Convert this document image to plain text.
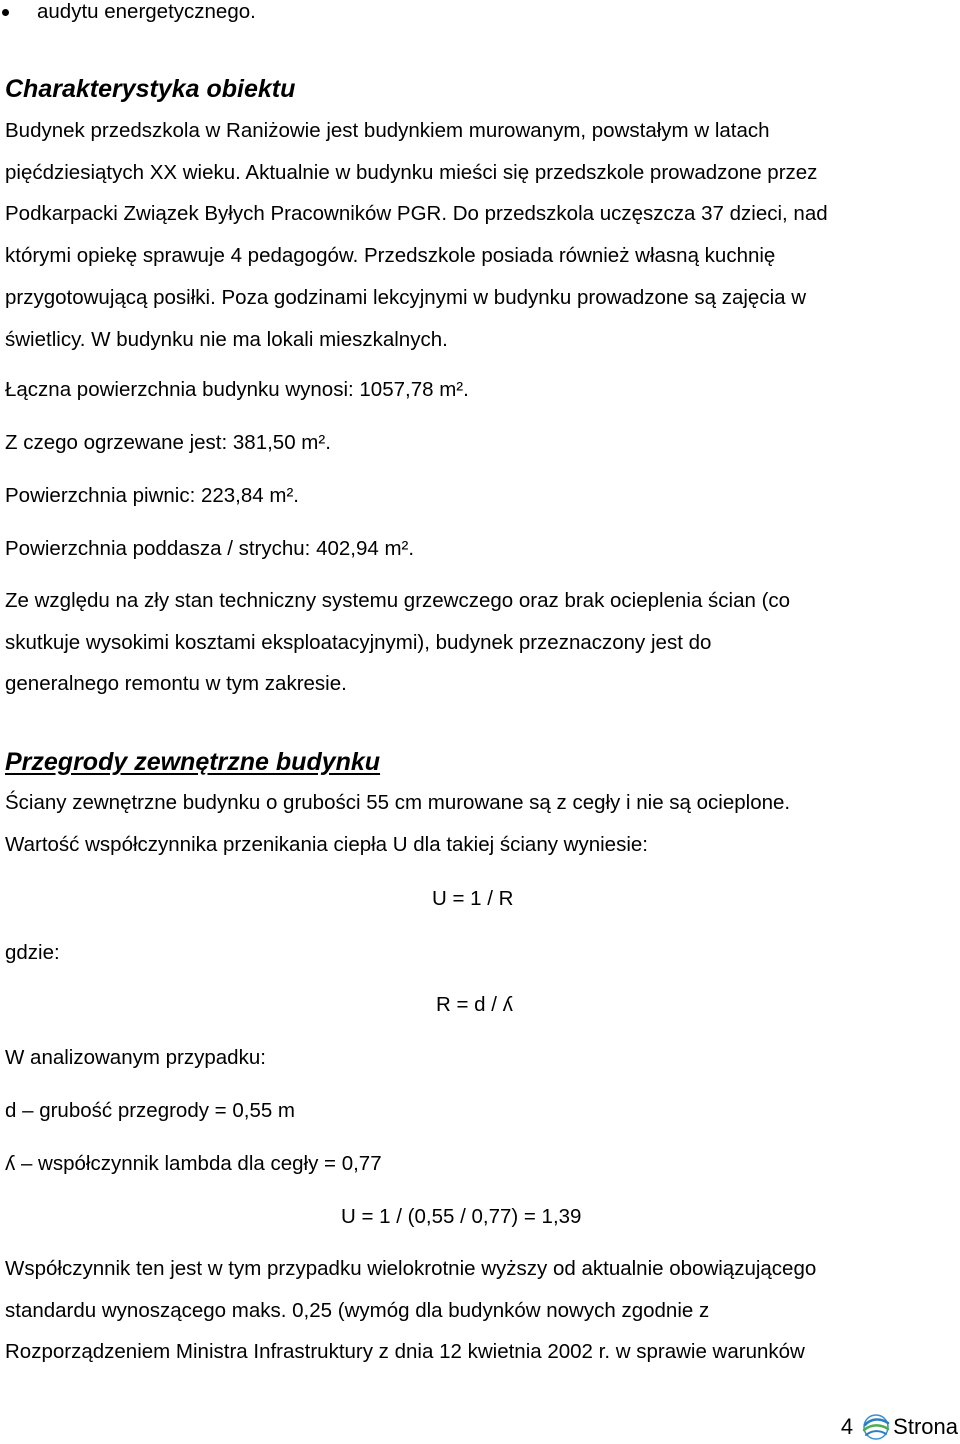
audytu energetycznego.
Charakterystyka obiektu
Budynek przedszkola w Raniżowie jest budynkiem murowanym, powstałym w latach
pięćdziesiątych XX wieku. Aktualnie w budynku mieści się przedszkole prowadzone przez
Podkarpacki Związek Byłych Pracowników PGR. Do przedszkola uczęszcza 37 dzieci, nad
którymi opiekę sprawuje 4 pedagogów. Przedszkole posiada również własną kuchnię
przygotowującą posiłki. Poza godzinami lekcyjnymi w budynku prowadzone są zajęcia w
świetlicy. W budynku nie ma lokali mieszkalnych.
Łączna powierzchnia budynku wynosi: 1057,78 m².
Z czego ogrzewane jest: 381,50 m².
Powierzchnia piwnic: 223,84 m².
Powierzchnia poddasza / strychu: 402,94 m².
Ze względu na zły stan techniczny systemu grzewczego oraz brak ocieplenia ścian (co
skutkuje wysokimi kosztami eksploatacyjnymi), budynek przeznaczony jest do
generalnego remontu w tym zakresie.
Przegrody zewnętrzne budynku
Ściany zewnętrzne budynku o grubości 55 cm murowane są z cegły i nie są ocieplone.
Wartość współczynnika przenikania ciepła U dla takiej ściany wyniesie:
U = 1 / R
gdzie:
R = d / ʎ
W analizowanym przypadku:
d – grubość przegrody = 0,55 m
ʎ – współczynnik lambda dla cegły = 0,77
U = 1 / (0,55 / 0,77) = 1,39
Współczynnik ten jest w tym przypadku wielokrotnie wyższy od aktualnie obowiązującego
standardu wynoszącego maks. 0,25 (wymóg dla budynków nowych zgodnie z
Rozporządzeniem Ministra Infrastruktury z dnia 12 kwietnia 2002 r. w sprawie warunków
4 Strona
